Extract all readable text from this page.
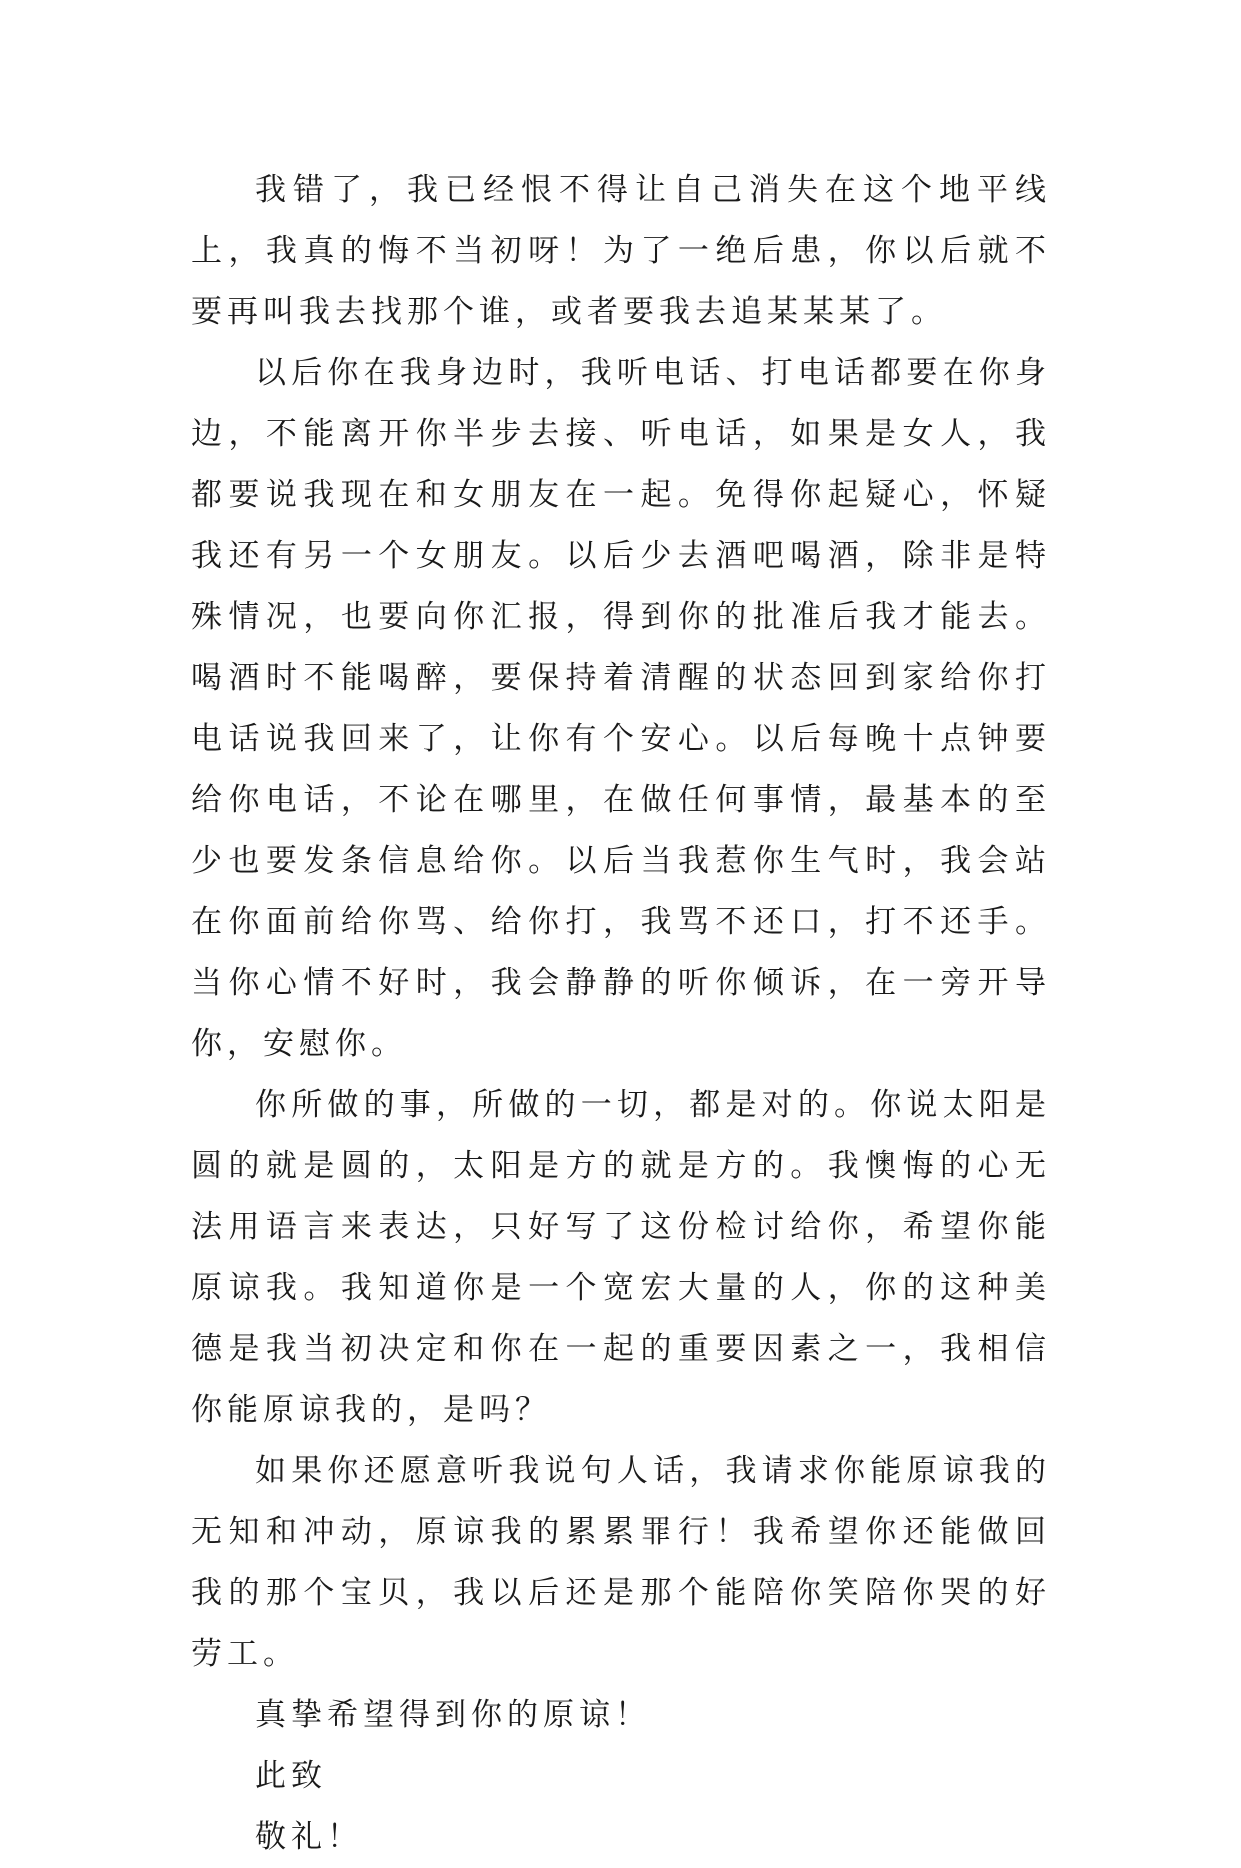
我错了，我已经恨不得让自己消失在这个地平线上，我真的悔不当初呀！为了一绝后患，你以后就不要再叫我去找那个谁，或者要我去追某某某了。

以后你在我身边时，我听电话、打电话都要在你身边，不能离开你半步去接、听电话，如果是女人，我都要说我现在和女朋友在一起。免得你起疑心，怀疑我还有另一个女朋友。以后少去酒吧喝酒，除非是特殊情况，也要向你汇报，得到你的批准后我才能去。喝酒时不能喝醉，要保持着清醒的状态回到家给你打电话说我回来了，让你有个安心。以后每晚十点钟要给你电话，不论在哪里，在做任何事情，最基本的至少也要发条信息给你。以后当我惹你生气时，我会站在你面前给你骂、给你打，我骂不还口，打不还手。当你心情不好时，我会静静的听你倾诉，在一旁开导你，安慰你。

你所做的事，所做的一切，都是对的。你说太阳是圆的就是圆的，太阳是方的就是方的。我懊悔的心无法用语言来表达，只好写了这份检讨给你，希望你能原谅我。我知道你是一个宽宏大量的人，你的这种美德是我当初决定和你在一起的重要因素之一，我相信你能原谅我的，是吗？

如果你还愿意听我说句人话，我请求你能原谅我的无知和冲动，原谅我的累累罪行！我希望你还能做回我的那个宝贝，我以后还是那个能陪你笑陪你哭的好劳工。

真挚希望得到你的原谅！

此致

敬礼！
